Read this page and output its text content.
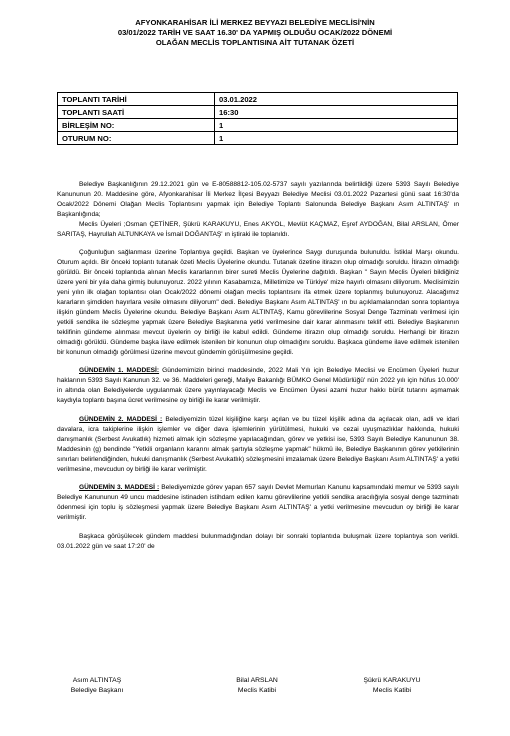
AFYONKARAHİSAR İLİ MERKEZ BEYYAZI BELEDİYE MECLİSİ'NİN
03/01/2022 TARİH VE SAAT 16.30' DA YAPMIŞ OLDUĞU OCAK/2022 DÖNEMİ
OLAĞAN MECLİS TOPLANTISINA AİT TUTANAK ÖZETİ
TOPLANTI TARİHİ	03.01.2022
TOPLANTI SAATİ	16:30
BİRLEŞİM NO:	1
OTURUM NO:	1

Belediye Başkanlığının 29.12.2021 gün ve E-80588812-105.02-5737 sayılı yazılarında belirtildiği üzere 5393 Sayılı Belediye Kanununun 20. Maddesine göre, Afyonkarahisar İli Merkez İlçesi Beyyazı Belediye Meclisi 03.01.2022 Pazartesi günü saat 16:30'da Ocak/2022 Dönemi Olağan Meclis Toplantısını yapmak için Belediye Toplantı Salonunda Belediye Başkanı Asım ALTINTAŞ' ın Başkanlığında;

Meclis Üyeleri ;Osman ÇETİNER, Şükrü KARAKUYU, Enes AKYOL, Mevlüt KAÇMAZ, Eşref AYDOĞAN, Bilal ARSLAN, Ömer SARITAŞ, Hayrullah ALTUNKAYA ve İsmail DOĞANTAŞ' ın iştiraki ile toplanıldı.

Çoğunluğun sağlanması üzerine Toplantıya geçildi. Başkan ve üyelerince Saygı duruşunda bulunuldu. İstiklal Marşı okundu. Oturum açıldı. Bir önceki toplantı tutanak özeti Meclis Üyelerine okundu. Tutanak özetine itirazın olup olmadığı soruldu. İtirazın olmadığı görüldü. Bir önceki toplantıda alınan Meclis kararlarının birer sureti Meclis Üyelerine dağıtıldı. Başkan " Sayın Meclis Üyeleri bildiğiniz üzere yeni bir yıla daha girmiş bulunuyoruz. 2022 yılının Kasabamıza, Milletimize ve Türkiye' mize hayırlı olmasını diliyorum. Meclisimizin yeni yılın ilk olağan toplantısı olan Ocak/2022 dönemi olağan meclis toplantısını ifa etmek üzere toplanmış bulunuyoruz. Alacağımız kararların şimdiden hayırlara vesile olmasını diliyorum" dedi. Belediye Başkanı Asım ALTINTAŞ' ın bu açıklamalarından sonra toplantıya ilişkin gündem Meclis Üyelerine okundu. Belediye Başkanı Asım ALTINTAŞ, Kamu görevlilerine Sosyal Denge Tazminatı verilmesi için yetkili sendika ile sözleşme yapmak üzere Belediye Başkanına yetki verilmesine dair karar alınmasını teklif etti. Belediye Başkanının teklifinin gündeme alınması mevcut üyelerin oy birliği ile kabul edildi. Gündeme itirazın olup olmadığı soruldu. Herhangi bir itirazın olmadığı görüldü. Gündeme başka ilave edilmek istenilen bir konunun olup olmadığını soruldu. Başkaca gündeme ilave edilmek istenilen bir konunun olmadığı görülmesi üzerine mevcut gündemin görüşülmesine geçildi.

GÜNDEMİN 1. MADDESİ: Gündemimizin birinci maddesinde, 2022 Mali Yılı için Belediye Meclisi ve Encümen Üyeleri huzur haklarının 5393 Sayılı Kanunun 32. ve 36. Maddeleri gereği, Maliye Bakanlığı BÜMKO Genel Müdürlüğü' nün 2022 yılı için hüfus 10.000' in altında olan Belediyelerde uygulanmak üzere yayınlayacağı Meclis ve Encümen Üyesi azami huzur hakkı bürüt tutarını aşmamak kaydıyla toplantı başına ücret verilmesine oy birliği ile karar verilmiştir.

GÜNDEMİN 2. MADDESİ : Belediyemizin tüzel kişiliğine karşı açılan ve bu tüzel kişilik adına da açılacak olan, adli ve idari davalara, icra takiplerine ilişkin işlemler ve diğer dava işlemlerinin yürütülmesi, hukuki ve cezai uyuşmazlıklar hakkında, hukuki danışmanlık (Serbest Avukatlık) hizmeti almak için sözleşme yapılacağından, görev ve yetkisi ise, 5393 Sayılı Belediye Kanununun 38. Maddesinin (g) bendinde "Yetkili organların kararını almak şartıyla sözleşme yapmak" hükmü ile, Belediye Başkanının görev yetkilerinin sınırları belirlendiğinden, hukuki danışmanlık (Serbest Avukatlık) sözleşmesini imzalamak üzere Belediye Başkanı Asım ALTINTAŞ' a yetki verilmesine, mevcudun oy birliği ile karar verilmiştir.

GÜNDEMİN 3. MADDESİ : Belediyemizde görev yapan 657 sayılı Devlet Memurları Kanunu kapsamındaki memur ve 5393 sayılı Belediye Kanununun 49 uncu maddesine istinaden istihdam edilen kamu görevlilerine yetkili sendika aracılığıyla sosyal denge tazminatı ödenmesi için toplu iş sözleşmesi yapmak üzere Belediye Başkanı Asım ALTINTAŞ' a yetki verilmesine mevcudun oy birliği ile karar verilmiştir.

Başkaca görüşülecek gündem maddesi bulunmadığından dolayı bir sonraki toplantıda buluşmak üzere toplantıya son verildi. 03.01.2022 gün ve saat 17:20' de

Asım ALTINTAŞ
Belediye Başkanı
Bilal ARSLAN
Meclis Katibi
Şükrü KARAKUYU
Meclis Katibi
